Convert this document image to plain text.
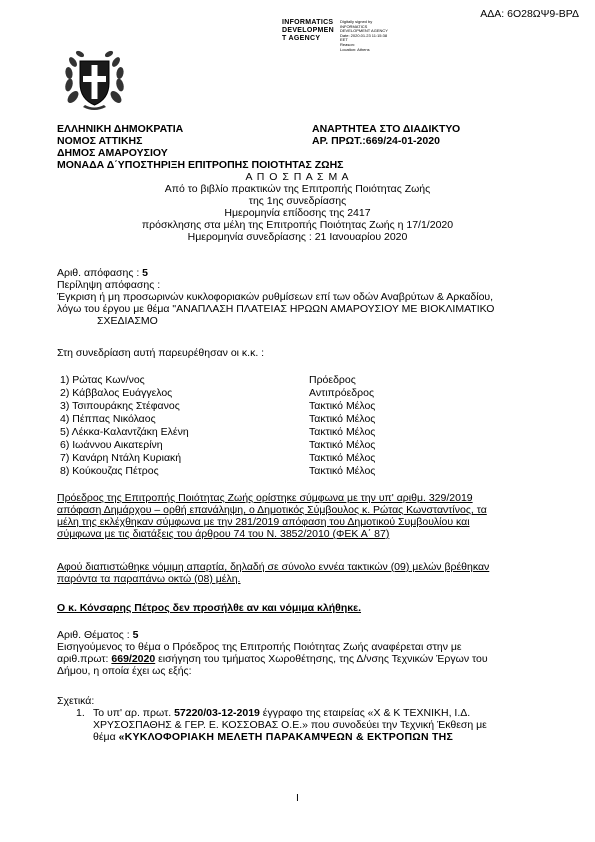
ΑΔΑ: 6Ο28ΩΨ9-ΒΡΔ
INFORMATICS
DEVELOPMEN
T AGENCY
Digitally signed by
INFORMATICS
DEVELOPMENT AGENCY
Date: 2020.01.23 11:15:38
EET
Reason:
Location: Athens
ΕΛΛΗΝΙΚΗ ΔΗΜΟΚΡΑΤΙΑ
ΝΟΜΟΣ ΑΤΤΙΚΗΣ
ΔΗΜΟΣ ΑΜΑΡΟΥΣΙΟΥ
ΜΟΝΑΔΑ Δ΄ΥΠΟΣΤΗΡΙΞΗ ΕΠΙΤΡΟΠΗΣ ΠΟΙΟΤΗΤΑΣ ΖΩΗΣ
ΑΝΑΡΤΗΤΕΑ ΣΤΟ ΔΙΑΔΙΚΤΥΟ
ΑΡ. ΠΡΩΤ.:669/24-01-2020
Α Π Ο Σ Π Α Σ Μ Α
Από το βιβλίο πρακτικών της Επιτροπής Ποιότητας Ζωής
της 1ης συνεδρίασης
Ημερομηνία επίδοσης της 2417
πρόσκλησης στα μέλη της Επιτροπής Ποιότητας Ζωής η 17/1/2020
Ημερομηνία συνεδρίασης : 21 Ιανουαρίου 2020
Αριθ. απόφασης : 5
Περίληψη απόφασης :
Έγκριση ή μη προσωρινών κυκλοφοριακών ρυθμίσεων επί των οδών Αναβρύτων & Αρκαδίου,
λόγω του έργου με θέμα "ΑΝΑΠΛΑΣΗ ΠΛΑΤΕΙΑΣ ΗΡΩΩΝ ΑΜΑΡΟΥΣΙΟΥ ΜΕ ΒΙΟΚΛΙΜΑΤΙΚΟ
ΣΧΕΔΙΑΣΜΟ
Στη συνεδρίαση αυτή παρευρέθησαν οι κ.κ. :
1) Ρώτας Κων/νος	Πρόεδρος
2) Κάββαλος Ευάγγελος	Αντιπρόεδρος
3) Τσιπουράκης Στέφανος	Τακτικό Μέλος
4) Πέππας Νικόλαος	Τακτικό Μέλος
5) Λέκκα-Καλαντζάκη Ελένη	Τακτικό Μέλος
6) Ιωάννου Αικατερίνη	Τακτικό Μέλος
7) Κανάρη Ντάλη Κυριακή	Τακτικό Μέλος
8) Κούκουζας Πέτρος	Τακτικό Μέλος
Πρόεδρος της Επιτροπής Ποιότητας Ζωής ορίστηκε σύμφωνα με την υπ' αριθμ. 329/2019
απόφαση Δημάρχου – ορθή επανάληψη, ο Δημοτικός Σύμβουλος κ. Ρώτας Κωνσταντίνος, τα
μέλη της εκλέχθηκαν σύμφωνα με την 281/2019 απόφαση του Δημοτικού Συμβουλίου και
σύμφωνα με τις διατάξεις του άρθρου 74 του Ν. 3852/2010 (ΦΕΚ Α΄ 87)
Αφού διαπιστώθηκε νόμιμη απαρτία, δηλαδή σε σύνολο εννέα τακτικών (09) μελών βρέθηκαν
παρόντα τα παραπάνω οκτώ (08) μέλη.
Ο κ. Κόνσαρης Πέτρος δεν προσήλθε αν και νόμιμα κλήθηκε.
Αριθ. Θέματος : 5
Εισηγούμενος το θέμα ο Πρόεδρος της Επιτροπής Ποιότητας Ζωής αναφέρεται στην με
αριθ.πρωτ: 669/2020 εισήγηση του τμήματος Χωροθέτησης, της Δ/νσης Τεχνικών Έργων του
Δήμου, η οποία έχει ως εξής:
Σχετικά:
1. Το υπ' αρ. πρωτ. 57220/03-12-2019 έγγραφο της εταιρείας «Χ & Κ ΤΕΧΝΙΚΗ, Ι.Δ.
ΧΡΥΣΟΣΠΑΘΗΣ & ΓΕΡ. Ε. ΚΟΣΣΟΒΑΣ Ο.Ε.» που συνοδεύει την Τεχνική Έκθεση με
θέμα «ΚΥΚΛΟΦΟΡΙΑΚΗ ΜΕΛΕΤΗ ΠΑΡΑΚΑΜΨΕΩΝ & ΕΚΤΡΟΠΩΝ ΤΗΣ
I
